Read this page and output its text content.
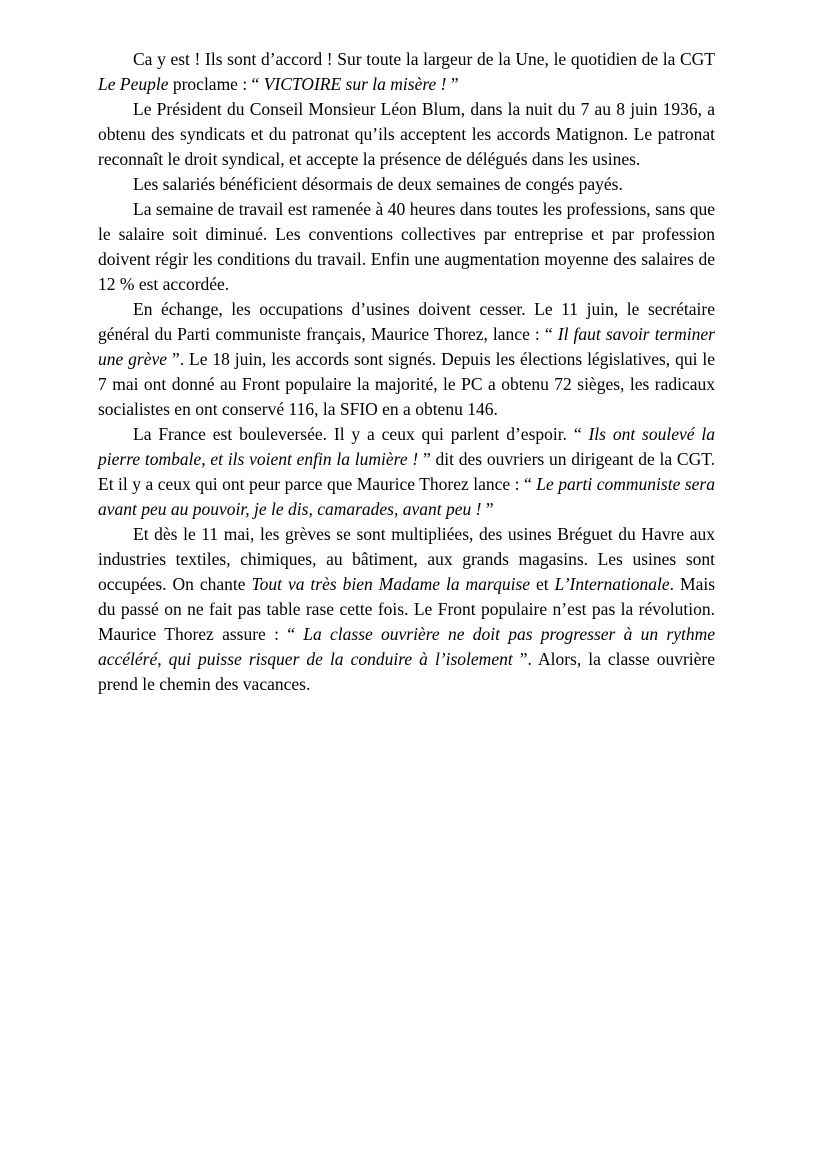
Ca y est ! Ils sont d’accord ! Sur toute la largeur de la Une, le quotidien de la CGT Le Peuple proclame : “ VICTOIRE sur la misère ! ”

Le Président du Conseil Monsieur Léon Blum, dans la nuit du 7 au 8 juin 1936, a obtenu des syndicats et du patronat qu’ils acceptent les accords Matignon. Le patronat reconnaît le droit syndical, et accepte la présence de délégués dans les usines.

Les salariés bénéficient désormais de deux semaines de congés payés.

La semaine de travail est ramenée à 40 heures dans toutes les professions, sans que le salaire soit diminué. Les conventions collectives par entreprise et par profession doivent régir les conditions du travail. Enfin une augmentation moyenne des salaires de 12 % est accordée.

En échange, les occupations d’usines doivent cesser. Le 11 juin, le secrétaire général du Parti communiste français, Maurice Thorez, lance : “ Il faut savoir terminer une grève ”. Le 18 juin, les accords sont signés. Depuis les élections législatives, qui le 7 mai ont donné au Front populaire la majorité, le PC a obtenu 72 sièges, les radicaux socialistes en ont conservé 116, la SFIO en a obtenu 146.

La France est bouleversée. Il y a ceux qui parlent d’espoir. “ Ils ont soulevé la pierre tombale, et ils voient enfin la lumière ! ” dit des ouvriers un dirigeant de la CGT. Et il y a ceux qui ont peur parce que Maurice Thorez lance : “ Le parti communiste sera avant peu au pouvoir, je le dis, camarades, avant peu ! ”

Et dès le 11 mai, les grèves se sont multipliées, des usines Bréguet du Havre aux industries textiles, chimiques, au bâtiment, aux grands magasins. Les usines sont occupées. On chante Tout va très bien Madame la marquise et L’Internationale. Mais du passé on ne fait pas table rase cette fois. Le Front populaire n’est pas la révolution. Maurice Thorez assure : “ La classe ouvrière ne doit pas progresser à un rythme accéléré, qui puisse risquer de la conduire à l’isolement ”. Alors, la classe ouvrière prend le chemin des vacances.
